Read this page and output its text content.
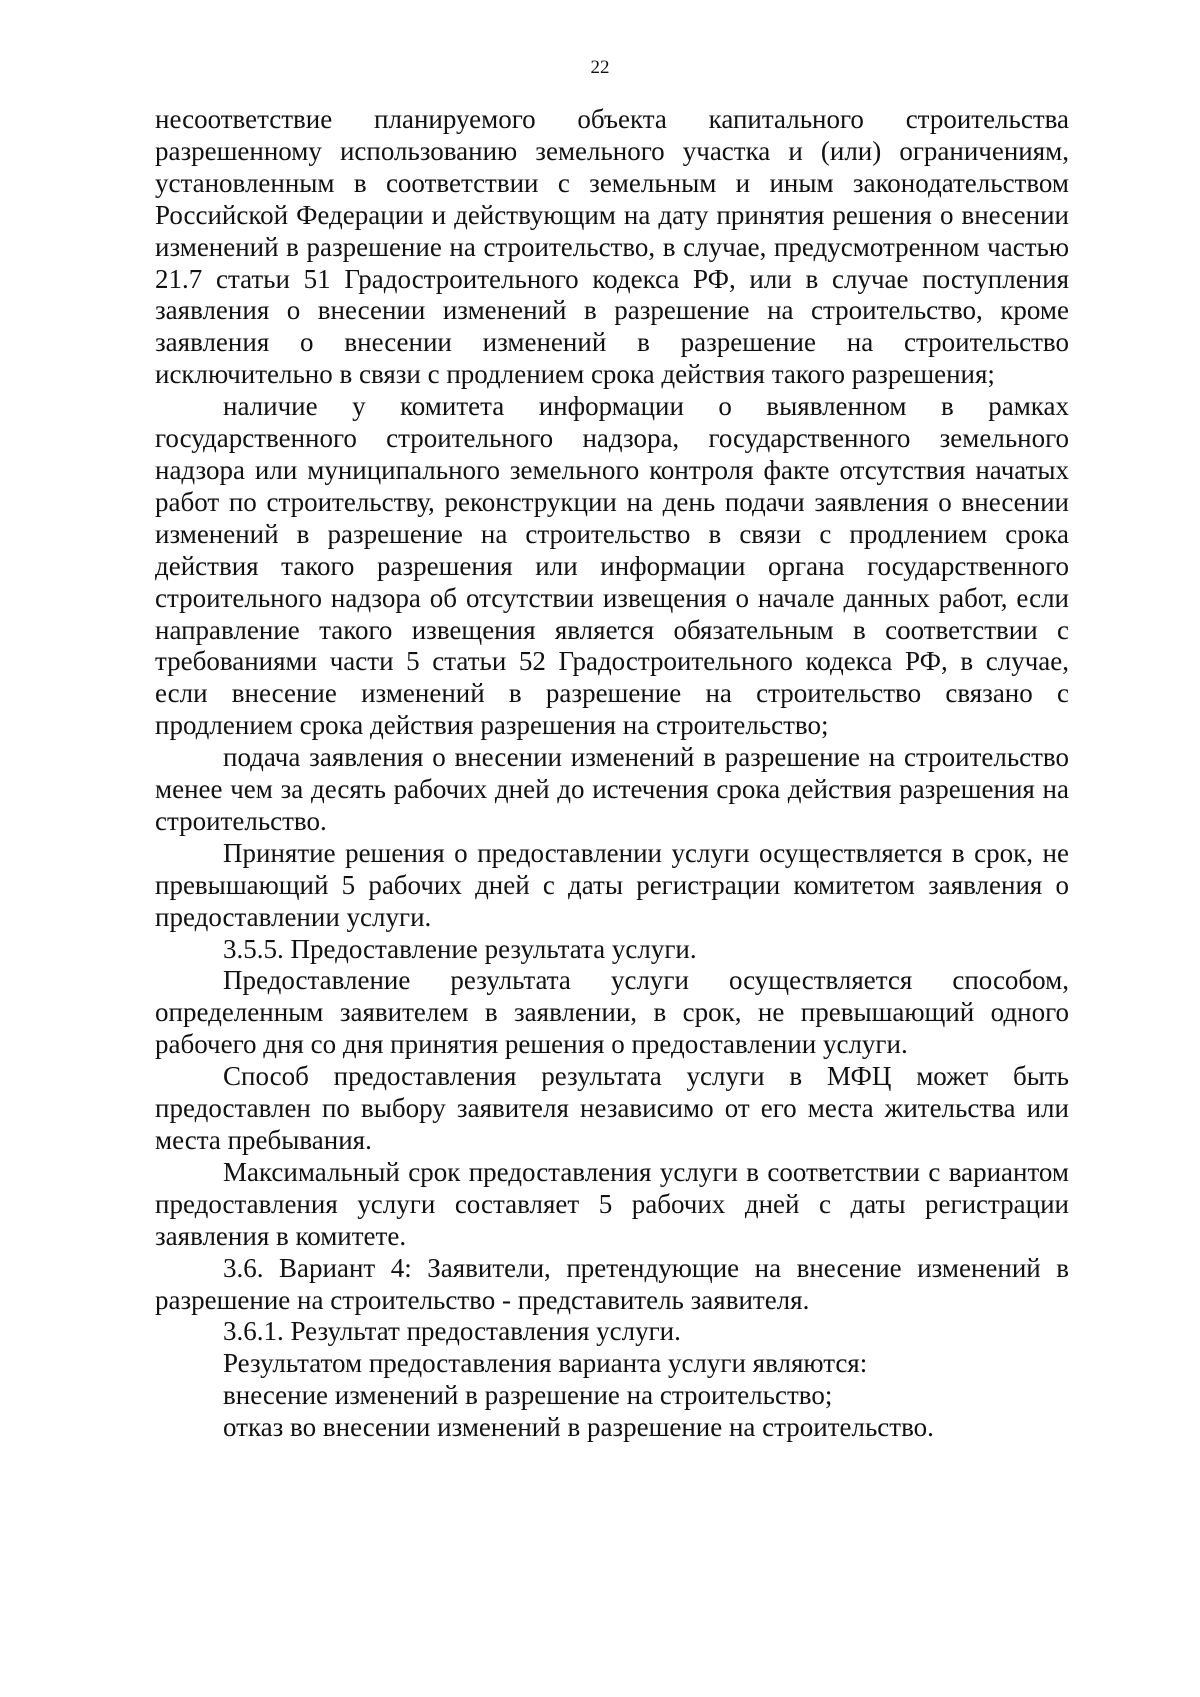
22

несоответствие планируемого объекта капитального строительства разрешенному использованию земельного участка и (или) ограничениям, установленным в соответствии с земельным и иным законодательством Российской Федерации и действующим на дату принятия решения о внесении изменений в разрешение на строительство, в случае, предусмотренном частью 21.7 статьи 51 Градостроительного кодекса РФ, или в случае поступления заявления о внесении изменений в разрешение на строительство, кроме заявления о внесении изменений в разрешение на строительство исключительно в связи с продлением срока действия такого разрешения;

наличие у комитета информации о выявленном в рамках государственного строительного надзора, государственного земельного надзора или муниципального земельного контроля факте отсутствия начатых работ по строительству, реконструкции на день подачи заявления о внесении изменений в разрешение на строительство в связи с продлением срока действия такого разрешения или информации органа государственного строительного надзора об отсутствии извещения о начале данных работ, если направление такого извещения является обязательным в соответствии с требованиями части 5 статьи 52 Градостроительного кодекса РФ, в случае, если внесение изменений в разрешение на строительство связано с продлением срока действия разрешения на строительство;

подача заявления о внесении изменений в разрешение на строительство менее чем за десять рабочих дней до истечения срока действия разрешения на строительство.

Принятие решения о предоставлении услуги осуществляется в срок, не превышающий 5 рабочих дней с даты регистрации комитетом заявления о предоставлении услуги.

3.5.5. Предоставление результата услуги.

Предоставление результата услуги осуществляется способом, определенным заявителем в заявлении, в срок, не превышающий одного рабочего дня со дня принятия решения о предоставлении услуги.

Способ предоставления результата услуги в МФЦ может быть предоставлен по выбору заявителя независимо от его места жительства или места пребывания.

Максимальный срок предоставления услуги в соответствии с вариантом предоставления услуги составляет 5 рабочих дней с даты регистрации заявления в комитете.

3.6. Вариант 4: Заявители, претендующие на внесение изменений в разрешение на строительство - представитель заявителя.

3.6.1. Результат предоставления услуги.

Результатом предоставления варианта услуги являются:

внесение изменений в разрешение на строительство;

отказ во внесении изменений в разрешение на строительство.
